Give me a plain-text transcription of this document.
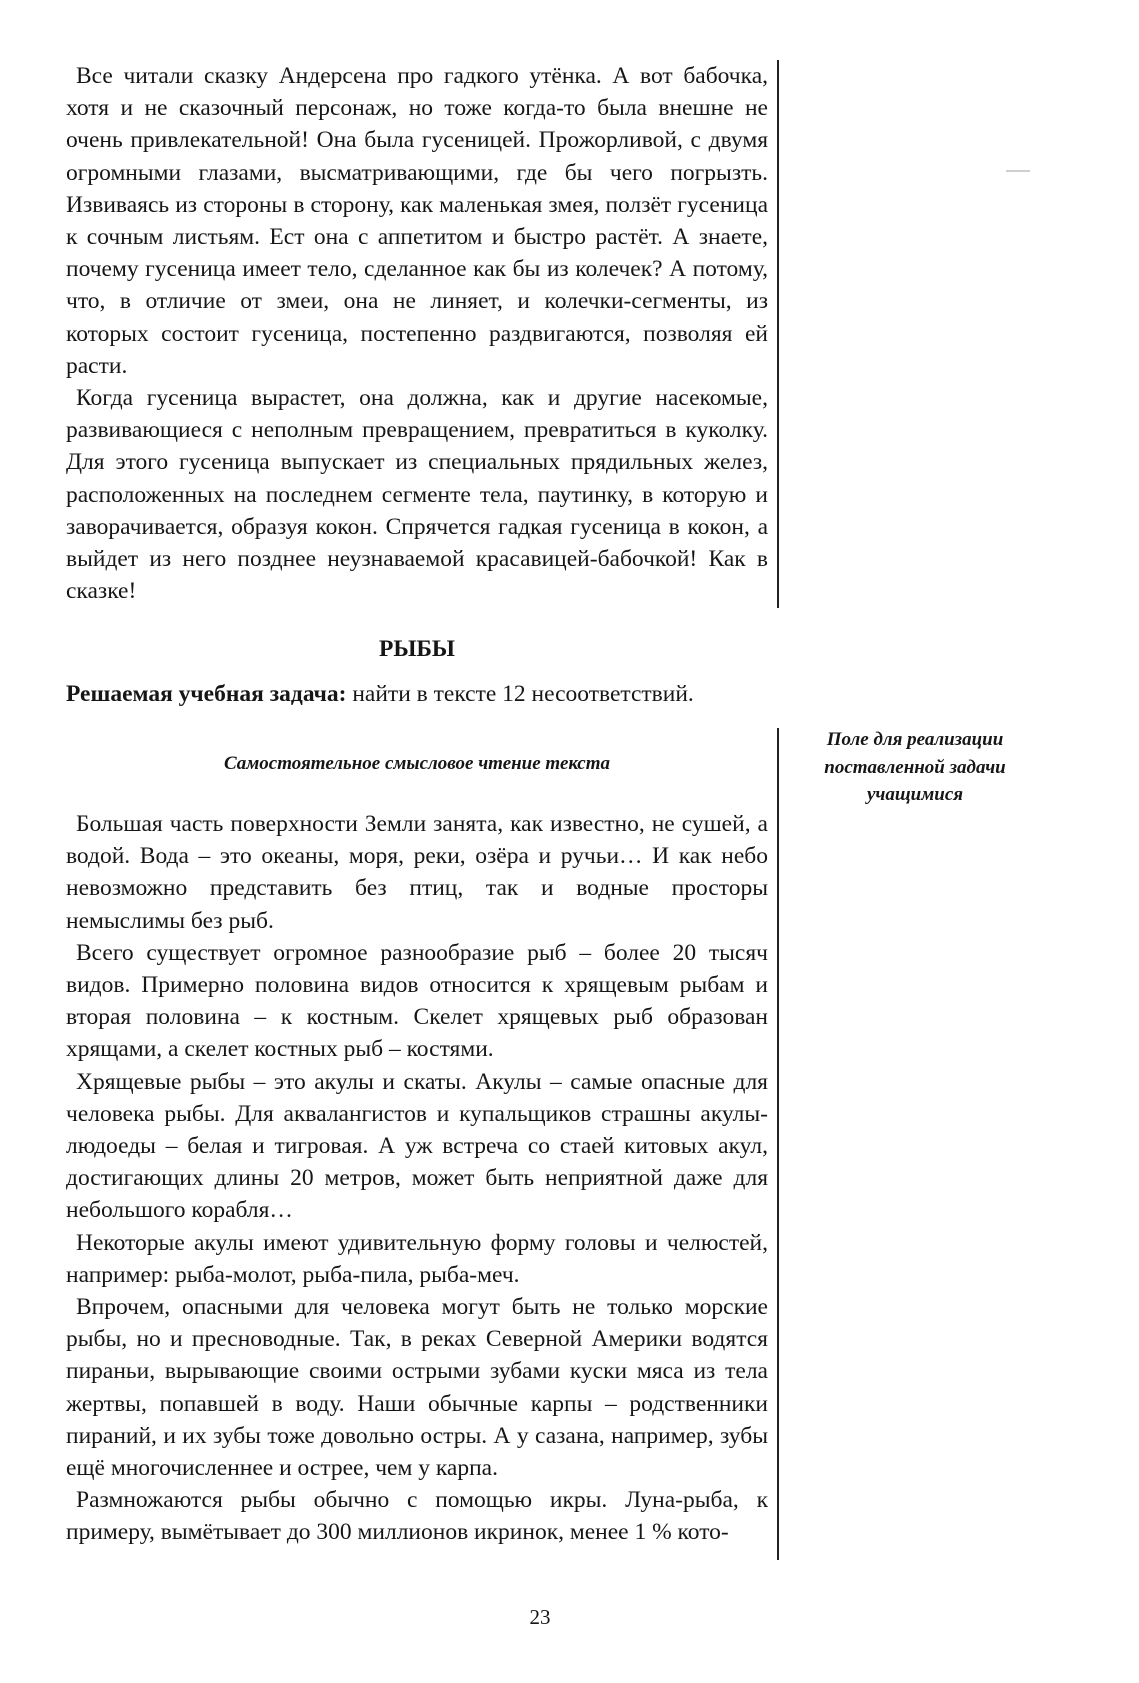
Все читали сказку Андерсена про гадкого утёнка. А вот бабочка, хотя и не сказочный персонаж, но тоже когда-то была внешне не очень привлекательной! Она была гусеницей. Прожорливой, с двумя огромными глазами, высматривающими, где бы чего погрызть. Извиваясь из стороны в сторону, как маленькая змея, ползёт гусеница к сочным листьям. Ест она с аппетитом и быстро растёт. А знаете, почему гусеница имеет тело, сделанное как бы из колечек? А потому, что, в отличие от змеи, она не линяет, и колечки-сегменты, из которых состоит гусеница, постепенно раздвигаются, позволяя ей расти.

Когда гусеница вырастет, она должна, как и другие насекомые, развивающиеся с неполным превращением, превратиться в куколку. Для этого гусеница выпускает из специальных прядильных желез, расположенных на последнем сегменте тела, паутинку, в которую и заворачивается, образуя кокон. Спрячется гадкая гусеница в кокон, а выйдет из него позднее неузнаваемой красавицей-бабочкой! Как в сказке!

РЫБЫ
Решаемая учебная задача: найти в тексте 12 несоответствий.
Самостоятельное смысловое чтение текста
Поле для реализации поставленной задачи учащимися

Большая часть поверхности Земли занята, как известно, не сушей, а водой. Вода – это океаны, моря, реки, озёра и ручьи… И как небо невозможно представить без птиц, так и водные просторы немыслимы без рыб.

Всего существует огромное разнообразие рыб – более 20 тысяч видов. Примерно половина видов относится к хрящевым рыбам и вторая половина – к костным. Скелет хрящевых рыб образован хрящами, а скелет костных рыб – костями.

Хрящевые рыбы – это акулы и скаты. Акулы – самые опасные для человека рыбы. Для аквалангистов и купальщиков страшны акулы-людоеды – белая и тигровая. А уж встреча со стаей китовых акул, достигающих длины 20 метров, может быть неприятной даже для небольшого корабля…

Некоторые акулы имеют удивительную форму головы и челюстей, например: рыба-молот, рыба-пила, рыба-меч.

Впрочем, опасными для человека могут быть не только морские рыбы, но и пресноводные. Так, в реках Северной Америки водятся пираньи, вырывающие своими острыми зубами куски мяса из тела жертвы, попавшей в воду. Наши обычные карпы – родственники пираний, и их зубы тоже довольно остры. А у сазана, например, зубы ещё многочисленнее и острее, чем у карпа.

Размножаются рыбы обычно с помощью икры. Луна-рыба, к примеру, вымётывает до 300 миллионов икринок, менее 1 % кото-

23
